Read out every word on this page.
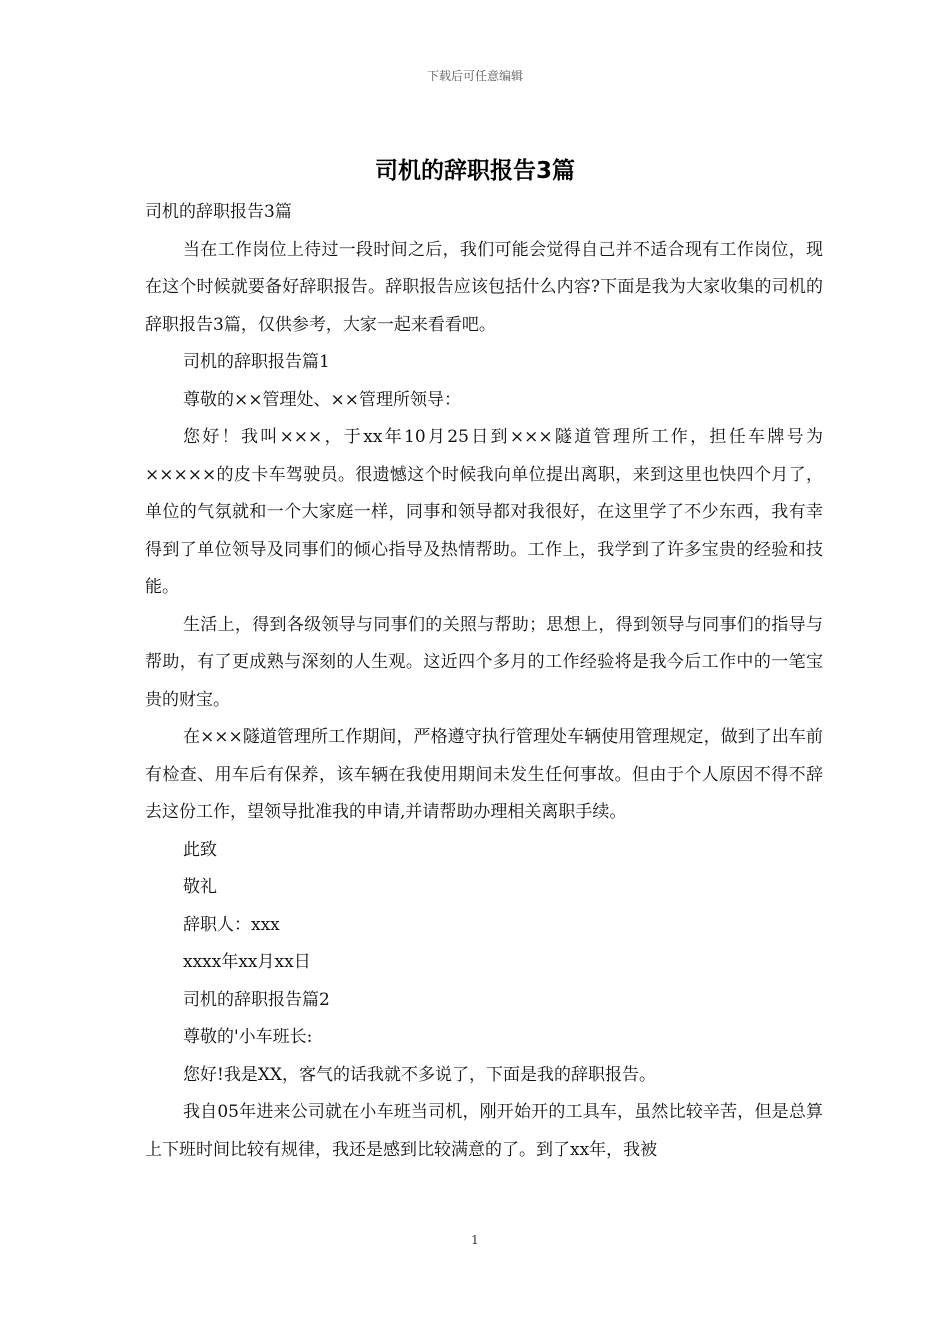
下载后可任意编辑
司机的辞职报告3篇

司机的辞职报告3篇

当在工作岗位上待过一段时间之后，我们可能会觉得自己并不适合现有工作岗位，现在这个时候就要备好辞职报告。辞职报告应该包括什么内容?下面是我为大家收集的司机的辞职报告3篇，仅供参考，大家一起来看看吧。

司机的辞职报告篇1

尊敬的××管理处、××管理所领导：

您好！我叫×××，于xx年10月25日到×××隧道管理所工作，担任车牌号为×××××的皮卡车驾驶员。很遗憾这个时候我向单位提出离职，来到这里也快四个月了，单位的气氛就和一个大家庭一样，同事和领导都对我很好，在这里学了不少东西，我有幸得到了单位领导及同事们的倾心指导及热情帮助。工作上，我学到了许多宝贵的经验和技能。

生活上，得到各级领导与同事们的关照与帮助；思想上，得到领导与同事们的指导与帮助，有了更成熟与深刻的人生观。这近四个多月的工作经验将是我今后工作中的一笔宝贵的财宝。

在×××隧道管理所工作期间，严格遵守执行管理处车辆使用管理规定，做到了出车前有检查、用车后有保养，该车辆在我使用期间未发生任何事故。但由于个人原因不得不辞去这份工作，望领导批准我的申请,并请帮助办理相关离职手续。

此致

敬礼

辞职人：xxx

xxxx年xx月xx日

司机的辞职报告篇2

尊敬的'小车班长:

您好!我是XX，客气的话我就不多说了，下面是我的辞职报告。

我自05年进来公司就在小车班当司机，刚开始开的工具车，虽然比较辛苦，但是总算上下班时间比较有规律，我还是感到比较满意的了。到了xx年，我被

1
